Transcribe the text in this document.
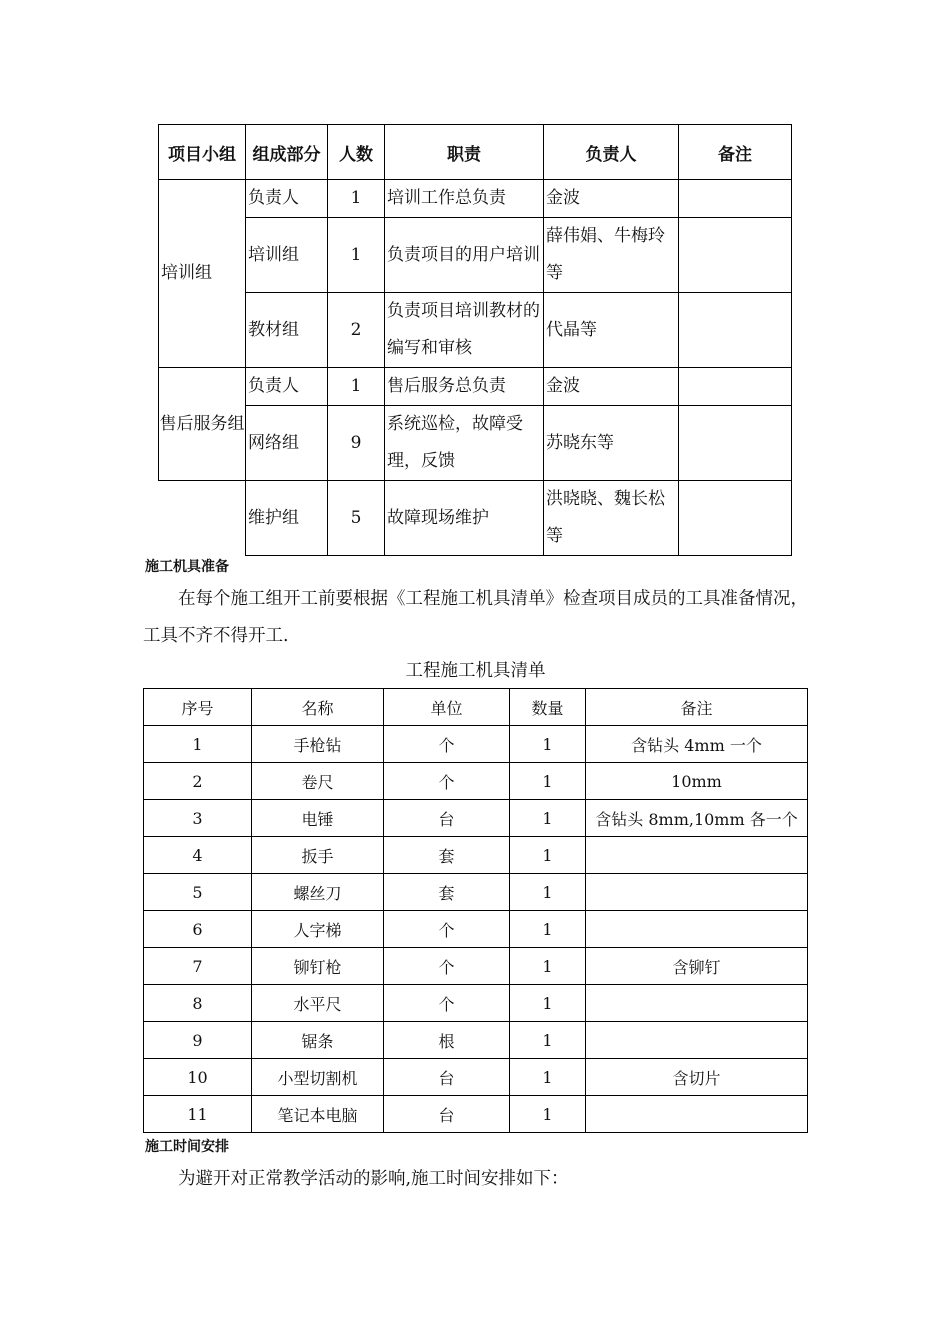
项目小组	组成部分	人数	职责	负责人	备注
培训组	负责人	1	培训工作总负责	金波	
	培训组	1	负责项目的用户培训	薛伟娟、牛梅玲等	
	教材组	2	负责项目培训教材的编写和审核	代晶等	
售后服务组	负责人	1	售后服务总负责	金波	
	网络组	9	系统巡检，故障受理，反馈	苏晓东等	
	维护组	5	故障现场维护	洪晓晓、魏长松等	
施工机具准备

在每个施工组开工前要根据《工程施工机具清单》检查项目成员的工具准备情况，工具不齐不得开工.

工程施工机具清单
序号	名称	单位	数量	备注
1	手枪钻	个	1	含钻头 4mm 一个
2	卷尺	个	1	10mm
3	电锤	台	1	含钻头 8mm,10mm 各一个
4	扳手	套	1	
5	螺丝刀	套	1	
6	人字梯	个	1	
7	铆钉枪	个	1	含铆钉
8	水平尺	个	1	
9	锯条	根	1	
10	小型切割机	台	1	含切片
11	笔记本电脑	台	1	
施工时间安排

为避开对正常教学活动的影响,施工时间安排如下：
